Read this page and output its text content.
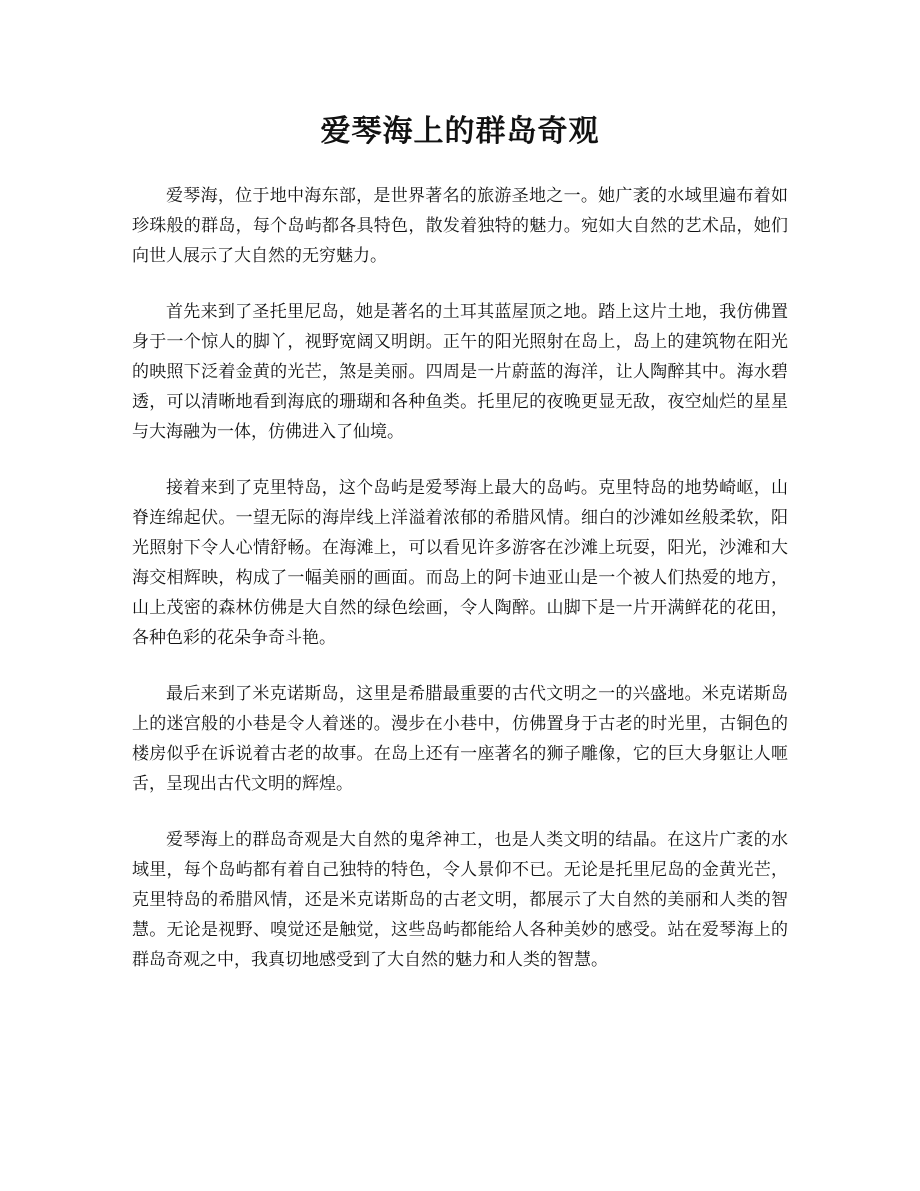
爱琴海上的群岛奇观

爱琴海，位于地中海东部，是世界著名的旅游圣地之一。她广袤的水域里遍布着如珍珠般的群岛，每个岛屿都各具特色，散发着独特的魅力。宛如大自然的艺术品，她们向世人展示了大自然的无穷魅力。

首先来到了圣托里尼岛，她是著名的土耳其蓝屋顶之地。踏上这片土地，我仿佛置身于一个惊人的脚丫，视野宽阔又明朗。正午的阳光照射在岛上，岛上的建筑物在阳光的映照下泛着金黄的光芒，煞是美丽。四周是一片蔚蓝的海洋，让人陶醉其中。海水碧透，可以清晰地看到海底的珊瑚和各种鱼类。托里尼的夜晚更显无敌，夜空灿烂的星星与大海融为一体，仿佛进入了仙境。

接着来到了克里特岛，这个岛屿是爱琴海上最大的岛屿。克里特岛的地势崎岖，山脊连绵起伏。一望无际的海岸线上洋溢着浓郁的希腊风情。细白的沙滩如丝般柔软，阳光照射下令人心情舒畅。在海滩上，可以看见许多游客在沙滩上玩耍，阳光，沙滩和大海交相辉映，构成了一幅美丽的画面。而岛上的阿卡迪亚山是一个被人们热爱的地方，山上茂密的森林仿佛是大自然的绿色绘画，令人陶醉。山脚下是一片开满鲜花的花田，各种色彩的花朵争奇斗艳。

最后来到了米克诺斯岛，这里是希腊最重要的古代文明之一的兴盛地。米克诺斯岛上的迷宫般的小巷是令人着迷的。漫步在小巷中，仿佛置身于古老的时光里，古铜色的楼房似乎在诉说着古老的故事。在岛上还有一座著名的狮子雕像，它的巨大身躯让人咂舌，呈现出古代文明的辉煌。

爱琴海上的群岛奇观是大自然的鬼斧神工，也是人类文明的结晶。在这片广袤的水域里，每个岛屿都有着自己独特的特色，令人景仰不已。无论是托里尼岛的金黄光芒，克里特岛的希腊风情，还是米克诺斯岛的古老文明，都展示了大自然的美丽和人类的智慧。无论是视野、嗅觉还是触觉，这些岛屿都能给人各种美妙的感受。站在爱琴海上的群岛奇观之中，我真切地感受到了大自然的魅力和人类的智慧。
